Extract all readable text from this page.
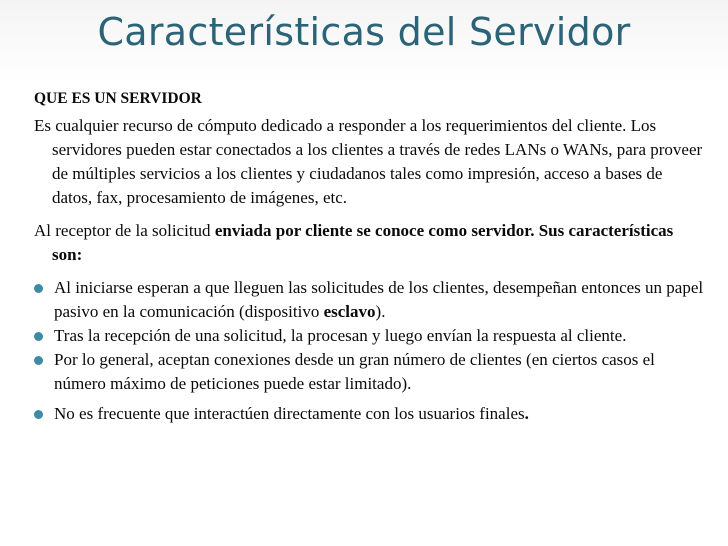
Características del Servidor
QUE ES UN SERVIDOR

Es cualquier recurso de cómputo dedicado a responder a los requerimientos del cliente. Los servidores pueden estar conectados a los clientes a través de redes LANs o WANs, para proveer de múltiples servicios a los clientes y ciudadanos tales como impresión, acceso a bases de datos, fax, procesamiento de imágenes, etc.

Al receptor de la solicitud enviada por cliente se conoce como servidor. Sus características son:

Al iniciarse esperan a que lleguen las solicitudes de los clientes, desempeñan entonces un papel pasivo en la comunicación (dispositivo esclavo).
Tras la recepción de una solicitud, la procesan y luego envían la respuesta al cliente.
Por lo general, aceptan conexiones desde un gran número de clientes (en ciertos casos el número máximo de peticiones puede estar limitado).
No es frecuente que interactúen directamente con los usuarios finales.
